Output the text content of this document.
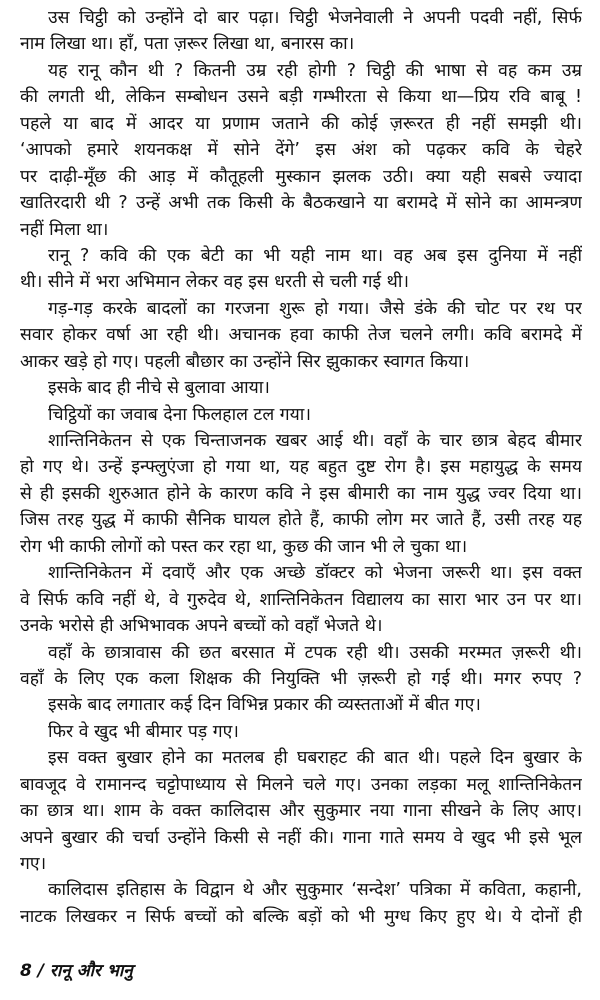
उस चिट्ठी को उन्होंने दो बार पढ़ा। चिट्ठी भेजनेवाली ने अपनी पदवी नहीं, सिर्फ
नाम लिखा था। हाँ, पता ज़रूर लिखा था, बनारस का।
यह रानू कौन थी ? कितनी उम्र रही होगी ? चिट्ठी की भाषा से वह कम उम्र
की लगती थी, लेकिन सम्बोधन उसने बड़ी गम्भीरता से किया था—प्रिय रवि बाबू !
पहले या बाद में आदर या प्रणाम जताने की कोई ज़रूरत ही नहीं समझी थी।
‘आपको हमारे शयनकक्ष में सोने देंगे’ इस अंश को पढ़कर कवि के चेहरे
पर दाढ़ी-मूँछ की आड़ में कौतूहली मुस्कान झलक उठी। क्या यही सबसे ज्यादा
खातिरदारी थी ? उन्हें अभी तक किसी के बैठकखाने या बरामदे में सोने का आमन्त्रण
नहीं मिला था।
रानू ? कवि की एक बेटी का भी यही नाम था। वह अब इस दुनिया में नहीं
थी। सीने में भरा अभिमान लेकर वह इस धरती से चली गई थी।
गड़-गड़ करके बादलों का गरजना शुरू हो गया। जैसे डंके की चोट पर रथ पर
सवार होकर वर्षा आ रही थी। अचानक हवा काफी तेज चलने लगी। कवि बरामदे में
आकर खड़े हो गए। पहली बौछार का उन्होंने सिर झुकाकर स्वागत किया।
इसके बाद ही नीचे से बुलावा आया।
चिट्ठियों का जवाब देना फिलहाल टल गया।
शान्तिनिकेतन से एक चिन्ताजनक खबर आई थी। वहाँ के चार छात्र बेहद बीमार
हो गए थे। उन्हें इन्फ्लुएंजा हो गया था, यह बहुत दुष्ट रोग है। इस महायुद्ध के समय
से ही इसकी शुरुआत होने के कारण कवि ने इस बीमारी का नाम युद्ध ज्वर दिया था।
जिस तरह युद्ध में काफी सैनिक घायल होते हैं, काफी लोग मर जाते हैं, उसी तरह यह
रोग भी काफी लोगों को पस्त कर रहा था, कुछ की जान भी ले चुका था।
शान्तिनिकेतन में दवाएँ और एक अच्छे डॉक्टर को भेजना जरूरी था। इस वक्त
वे सिर्फ कवि नहीं थे, वे गुरुदेव थे, शान्तिनिकेतन विद्यालय का सारा भार उन पर था।
उनके भरोसे ही अभिभावक अपने बच्चों को वहाँ भेजते थे।
वहाँ के छात्रावास की छत बरसात में टपक रही थी। उसकी मरम्मत ज़रूरी थी।
वहाँ के लिए एक कला शिक्षक की नियुक्ति भी ज़रूरी हो गई थी। मगर रुपए ?
इसके बाद लगातार कई दिन विभिन्न प्रकार की व्यस्तताओं में बीत गए।
फिर वे खुद भी बीमार पड़ गए।
इस वक्त बुखार होने का मतलब ही घबराहट की बात थी। पहले दिन बुखार के
बावजूद वे रामानन्द चट्टोपाध्याय से मिलने चले गए। उनका लड़का मलू शान्तिनिकेतन
का छात्र था। शाम के वक्त कालिदास और सुकुमार नया गाना सीखने के लिए आए।
अपने बुखार की चर्चा उन्होंने किसी से नहीं की। गाना गाते समय वे खुद भी इसे भूल
गए।
कालिदास इतिहास के विद्वान थे और सुकुमार ‘सन्देश’ पत्रिका में कविता, कहानी,
नाटक लिखकर न सिर्फ बच्चों को बल्कि बड़ों को भी मुग्ध किए हुए थे। ये दोनों ही
8 / रानू और भानु
